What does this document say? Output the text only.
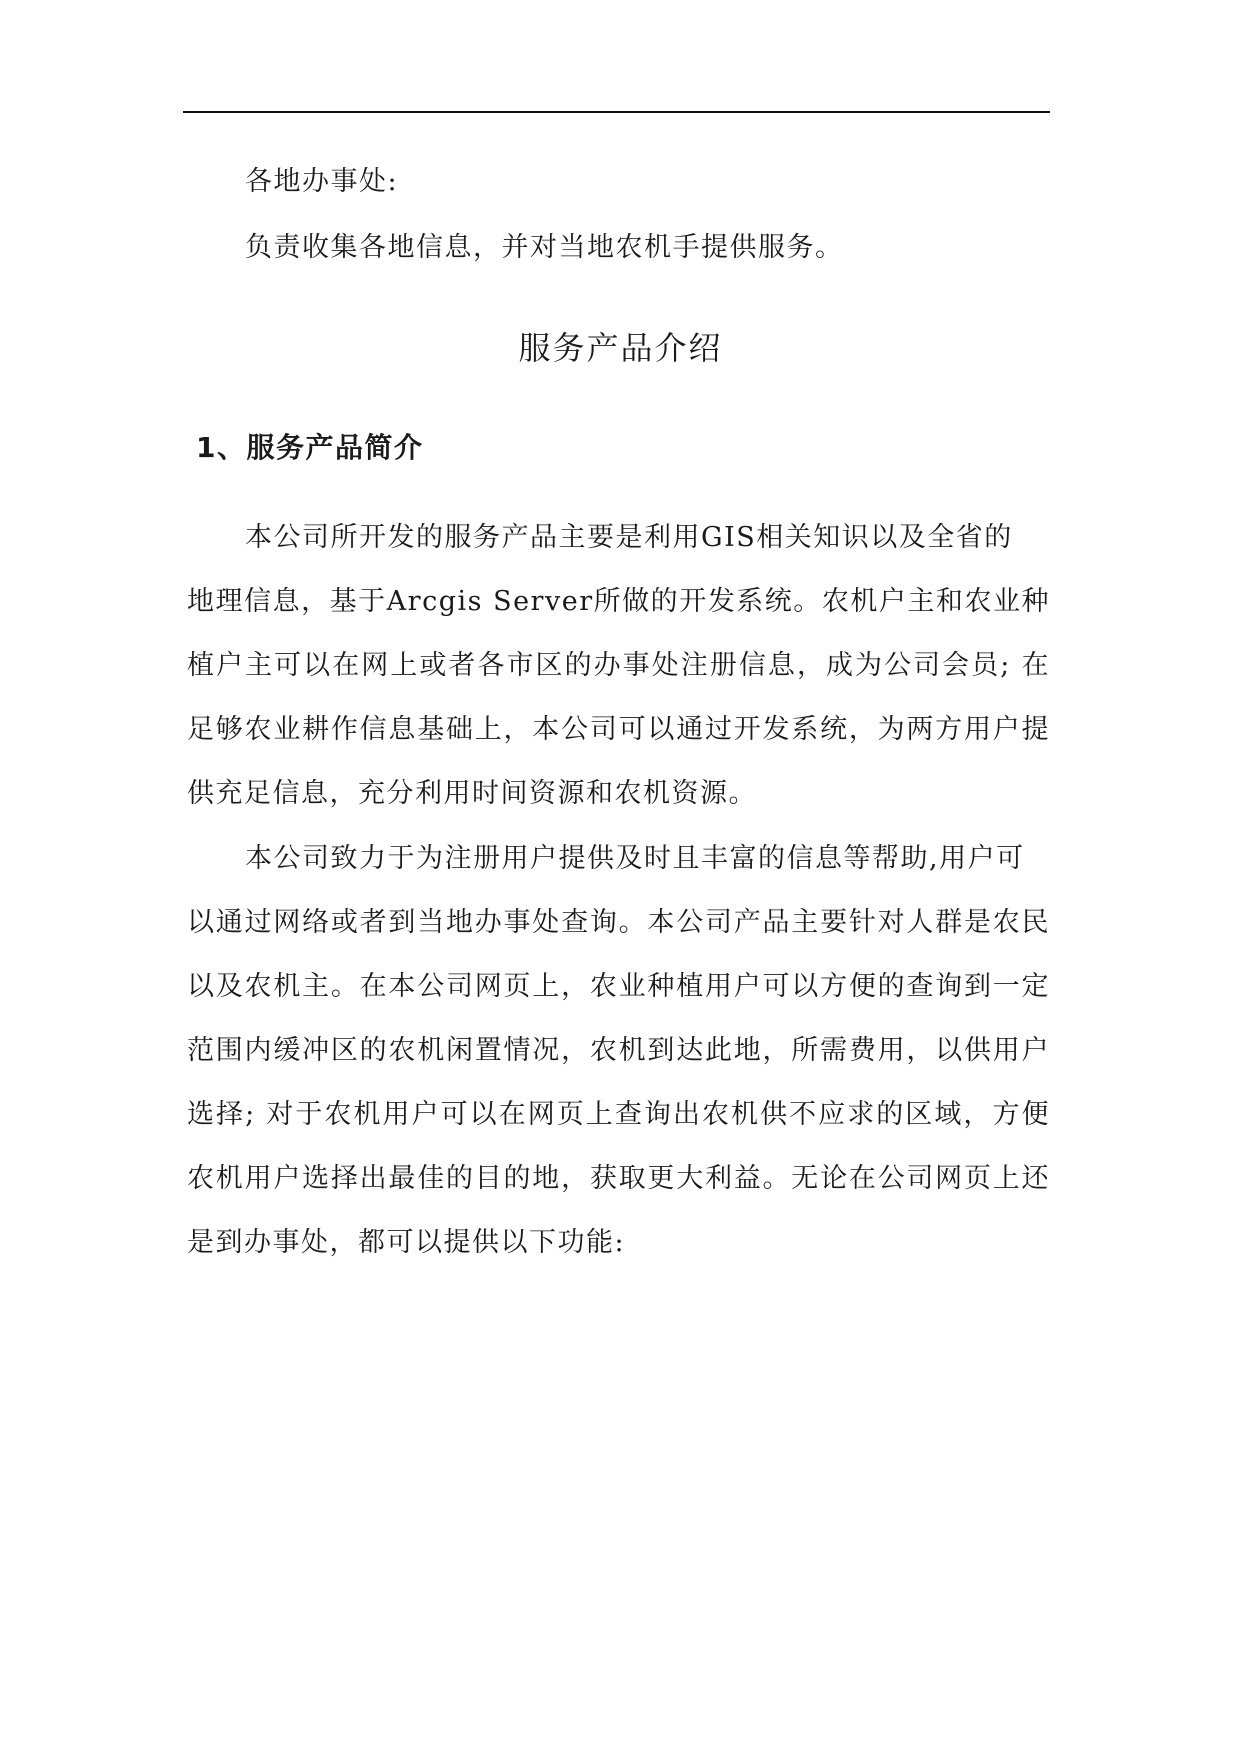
各地办事处:
负责收集各地信息，并对当地农机手提供服务。
服务产品介绍
1、服务产品简介
本公司所开发的服务产品主要是利用GIS相关知识以及全省的
地理信息，基于Arcgis Server所做的开发系统。农机户主和农业种
植户主可以在网上或者各市区的办事处注册信息，成为公司会员; 在
足够农业耕作信息基础上，本公司可以通过开发系统，为两方用户提
供充足信息，充分利用时间资源和农机资源。
本公司致力于为注册用户提供及时且丰富的信息等帮助,用户可
以通过网络或者到当地办事处查询。本公司产品主要针对人群是农民
以及农机主。在本公司网页上，农业种植用户可以方便的查询到一定
范围内缓冲区的农机闲置情况，农机到达此地，所需费用，以供用户
选择; 对于农机用户可以在网页上查询出农机供不应求的区域，方便
农机用户选择出最佳的目的地，获取更大利益。无论在公司网页上还
是到办事处，都可以提供以下功能:
